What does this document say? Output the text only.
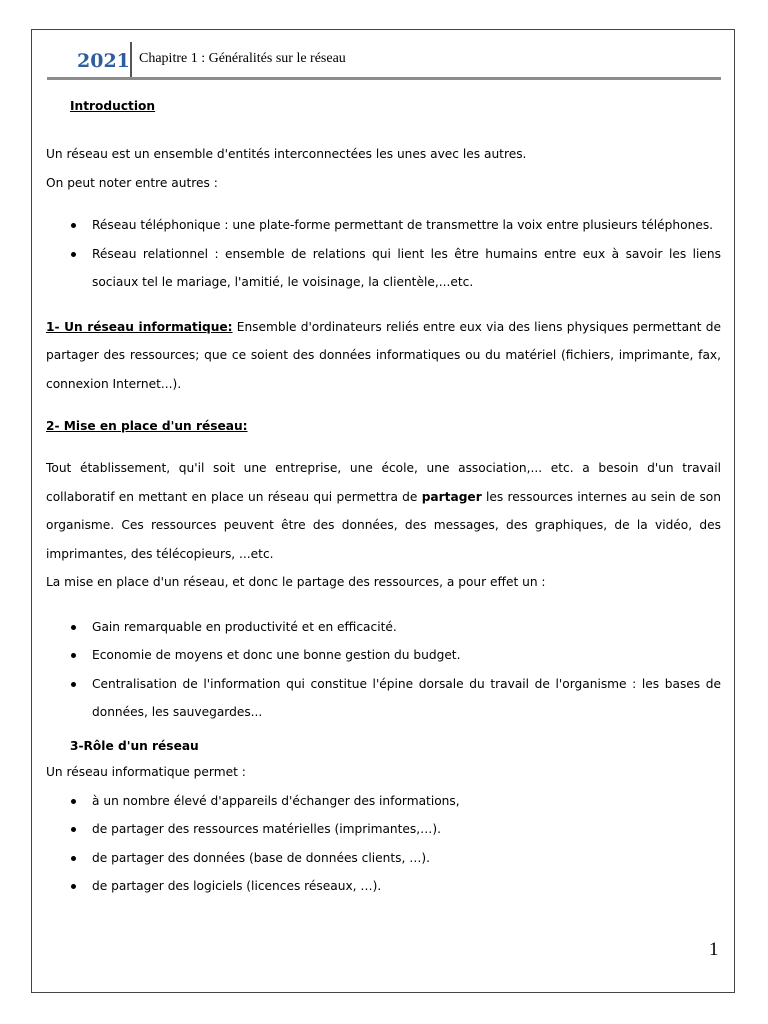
2021 Chapitre 1 : Généralités sur le réseau

Introduction

Un réseau est un ensemble d'entités interconnectées les unes avec les autres.

On peut noter entre autres :

Réseau téléphonique : une plate-forme permettant de transmettre la voix entre plusieurs téléphones.
Réseau relationnel : ensemble de relations qui lient les être humains entre eux à savoir les liens sociaux tel le mariage, l'amitié, le voisinage, la clientèle,...etc.

1- Un réseau informatique: Ensemble d'ordinateurs reliés entre eux via des liens physiques permettant de partager des ressources; que ce soient des données informatiques ou du matériel (fichiers, imprimante, fax, connexion Internet...).

2- Mise en place d'un réseau:

Tout établissement, qu'il soit une entreprise, une école, une association,... etc. a besoin d'un travail collaboratif en mettant en place un réseau qui permettra de partager les ressources internes au sein de son organisme. Ces ressources peuvent être des données, des messages, des graphiques, de la vidéo, des imprimantes, des télécopieurs, ...etc.

La mise en place d'un réseau, et donc le partage des ressources, a pour effet un :

Gain remarquable en productivité et en efficacité.
Economie de moyens et donc une bonne gestion du budget.
Centralisation de l'information qui constitue l'épine dorsale du travail de l'organisme : les bases de données, les sauvegardes...

3-Rôle d'un réseau

Un réseau informatique permet :

à un nombre élevé d'appareils d'échanger des informations,
de partager des ressources matérielles (imprimantes,…).
de partager des données (base de données clients, …).
de partager des logiciels (licences réseaux, …).
1
